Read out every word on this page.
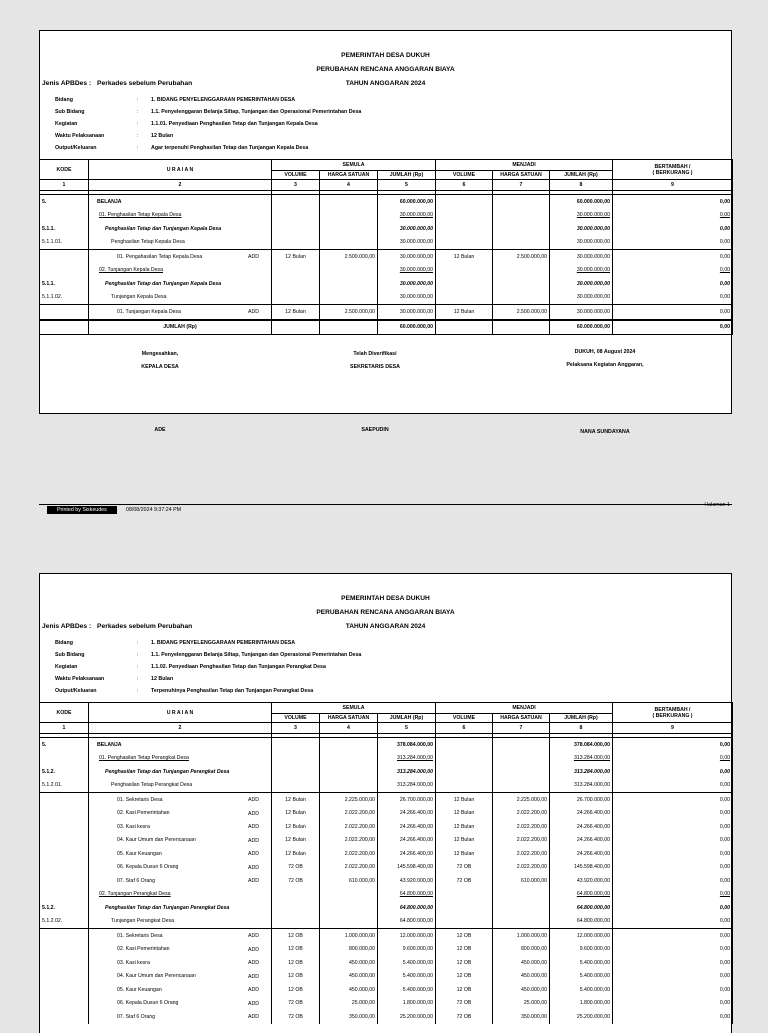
PEMERINTAH DESA DUKUH
PERUBAHAN RENCANA ANGGARAN BIAYA
TAHUN ANGGARAN 2024
Jenis APBDes : Perkades sebelum Perubahan
Bidang	: 1. BIDANG PENYELENGGARAAN PEMERINTAHAN DESA
Sub Bidang	: 1.1. Penyelenggaran Belanja Siltap, Tunjangan dan Operasional Pemerintahan Desa
Kegiatan	: 1.1.01. Penyediaan Penghasilan Tetap dan Tunjangan Kepala Desa
Waktu Pelaksanaan	: 12 Bulan
Output/Keluaran	: Agar terpenuhi Penghasilan Tetap dan Tunjangan Kepala Desa
KODE	U R A I A N	SEMULA			MENJADI			BERTAMBAH /
( BERKURANG )

		VOLUME	HARGA SATUAN	JUMLAH (Rp)	VOLUME	HARGA SATUAN	JUMLAH (Rp)	
1	2	3	4	5	6	7	8	9

5.	BELANJA			60.000.000,00			60.000.000,00	0,00
	01. Penghasilan Tetap Kepala Desa			30.000.000,00			30.000.000,00	0,00
5.1.1.	Penghasilan Tetap dan Tunjangan Kepala Desa			30.000.000,00			30.000.000,00	0,00
5.1.1.01.	Penghasilan Tetap Kepala Desa			30.000.000,00			30.000.000,00	0,00
	01. Pengahasilan Tetap Kepala Desa ADD	12 Bulan	2.500.000,00	30.000.000,00	12 Bulan	2.500.000,00	30.000.000,00	0,00
	02. Tunjangan Kepala Desa			30.000.000,00			30.000.000,00	0,00
5.1.1.	Penghasilan Tetap dan Tunjangan Kepala Desa			30.000.000,00			30.000.000,00	0,00
5.1.1.02.	Tunjangan Kepala Desa			30.000.000,00			30.000.000,00	0,00
	01. Tunjangan Kepala Desa ADD	12 Bulan	2.500.000,00	30.000.000,00	12 Bulan	2.500.000,00	30.000.000,00	0,00
	JUMLAH (Rp)			60.000.000,00			60.000.000,00	0,00
Mengesahkan,
KEPALA DESA
ADE
Telah Diverifikasi
SEKRETARIS DESA
SAEPUDIN
DUKUH, 08 August 2024
Pelaksana Kegiatan Anggaran,
NANA SUNDAYANA
Printed by Siskeudes	08/08/2024 9:37:24 PM
Halaman 1
PEMERINTAH DESA DUKUH
PERUBAHAN RENCANA ANGGARAN BIAYA
TAHUN ANGGARAN 2024
Jenis APBDes : Perkades sebelum Perubahan
Bidang	: 1. BIDANG PENYELENGGARAAN PEMERINTAHAN DESA
Sub Bidang	: 1.1. Penyelenggaran Belanja Siltap, Tunjangan dan Operasional Pemerintahan Desa
Kegiatan	: 1.1.02. Penyediaan Penghasilan Tetap dan Tunjangan Perangkat Desa
Waktu Pelaksanaan	: 12 Bulan
Output/Keluaran	: Terpenuhinya Penghasilan Tetap dan Tunjangan Perangkat Desa
KODE	U R A I A N	SEMULA			MENJADI			BERTAMBAH /
( BERKURANG )

		VOLUME	HARGA SATUAN	JUMLAH (Rp)	VOLUME	HARGA SATUAN	JUMLAH (Rp)	
1	2	3	4	5	6	7	8	9

5.	BELANJA			378.084.000,00			378.084.000,00	0,00
	01. Penghasilan Tetap Perangkat Desa			313.284.000,00			313.284.000,00	0,00
5.1.2.	Penghasilan Tetap dan Tunjangan Perangkat Desa			313.284.000,00			313.284.000,00	0,00
5.1.2.01.	Penghasilan Tetap Perangkat Desa			313.284.000,00			313.284.000,00	0,00
	01. Sekretaris Desa ADD	12 Bulan	2.225.000,00	26.700.000,00	12 Bulan	2.225.000,00	26.700.000,00	0,00
	02. Kasi Pemerintahan ADD	12 Bulan	2.022.200,00	24.266.400,00	12 Bulan	2.022.200,00	24.266.400,00	0,00
	03. Kasi kesra ADD	12 Bulan	2.022.200,00	24.266.400,00	12 Bulan	2.022.200,00	24.266.400,00	0,00
	04. Kaur Umum dan Perencanaan ADD	12 Bulan	2.022.200,00	24.266.400,00	12 Bulan	2.022.200,00	24.266.400,00	0,00
	05. Kaur Keuangan ADD	12 Bulan	2.022.200,00	24.266.400,00	12 Bulan	2.022.200,00	24.266.400,00	0,00
	06. Kepala Dusun 6 Orang ADD	72 OB	2.022.200,00	145.598.400,00	72 OB	2.022.200,00	145.598.400,00	0,00
	07. Staf 6 Orang ADD	72 OB	610.000,00	43.920.000,00	72 OB	610.000,00	43.920.000,00	0,00
	02. Tunjangan Perangkat Desa			64.800.000,00			64.800.000,00	0,00
5.1.2.	Penghasilan Tetap dan Tunjangan Perangkat Desa			64.800.000,00			64.800.000,00	0,00
5.1.2.02.	Tunjangan Perangkat Desa			64.800.000,00			64.800.000,00	0,00
	01. Sekretaris Desa ADD	12 OB	1.000.000,00	12.000.000,00	12 OB	1.000.000,00	12.000.000,00	0,00
	02. Kasi Pemerintahan ADD	12 OB	800.000,00	9.600.000,00	12 OB	800.000,00	9.600.000,00	0,00
	03. Kasi kesra ADD	12 OB	450.000,00	5.400.000,00	12 OB	450.000,00	5.400.000,00	0,00
	04. Kaur Umum dan Perencanaan ADD	12 OB	450.000,00	5.400.000,00	12 OB	450.000,00	5.400.000,00	0,00
	05. Kaur Keuangan ADD	12 OB	450.000,00	5.400.000,00	12 OB	450.000,00	5.400.000,00	0,00
	06. Kepala Dusun 6 Orang ADD	72 OB	25.000,00	1.800.000,00	72 OB	25.000,00	1.800.000,00	0,00
	07. Staf 6 Orang ADD	72 OB	350.000,00	25.200.000,00	72 OB	350.000,00	25.200.000,00	0,00
